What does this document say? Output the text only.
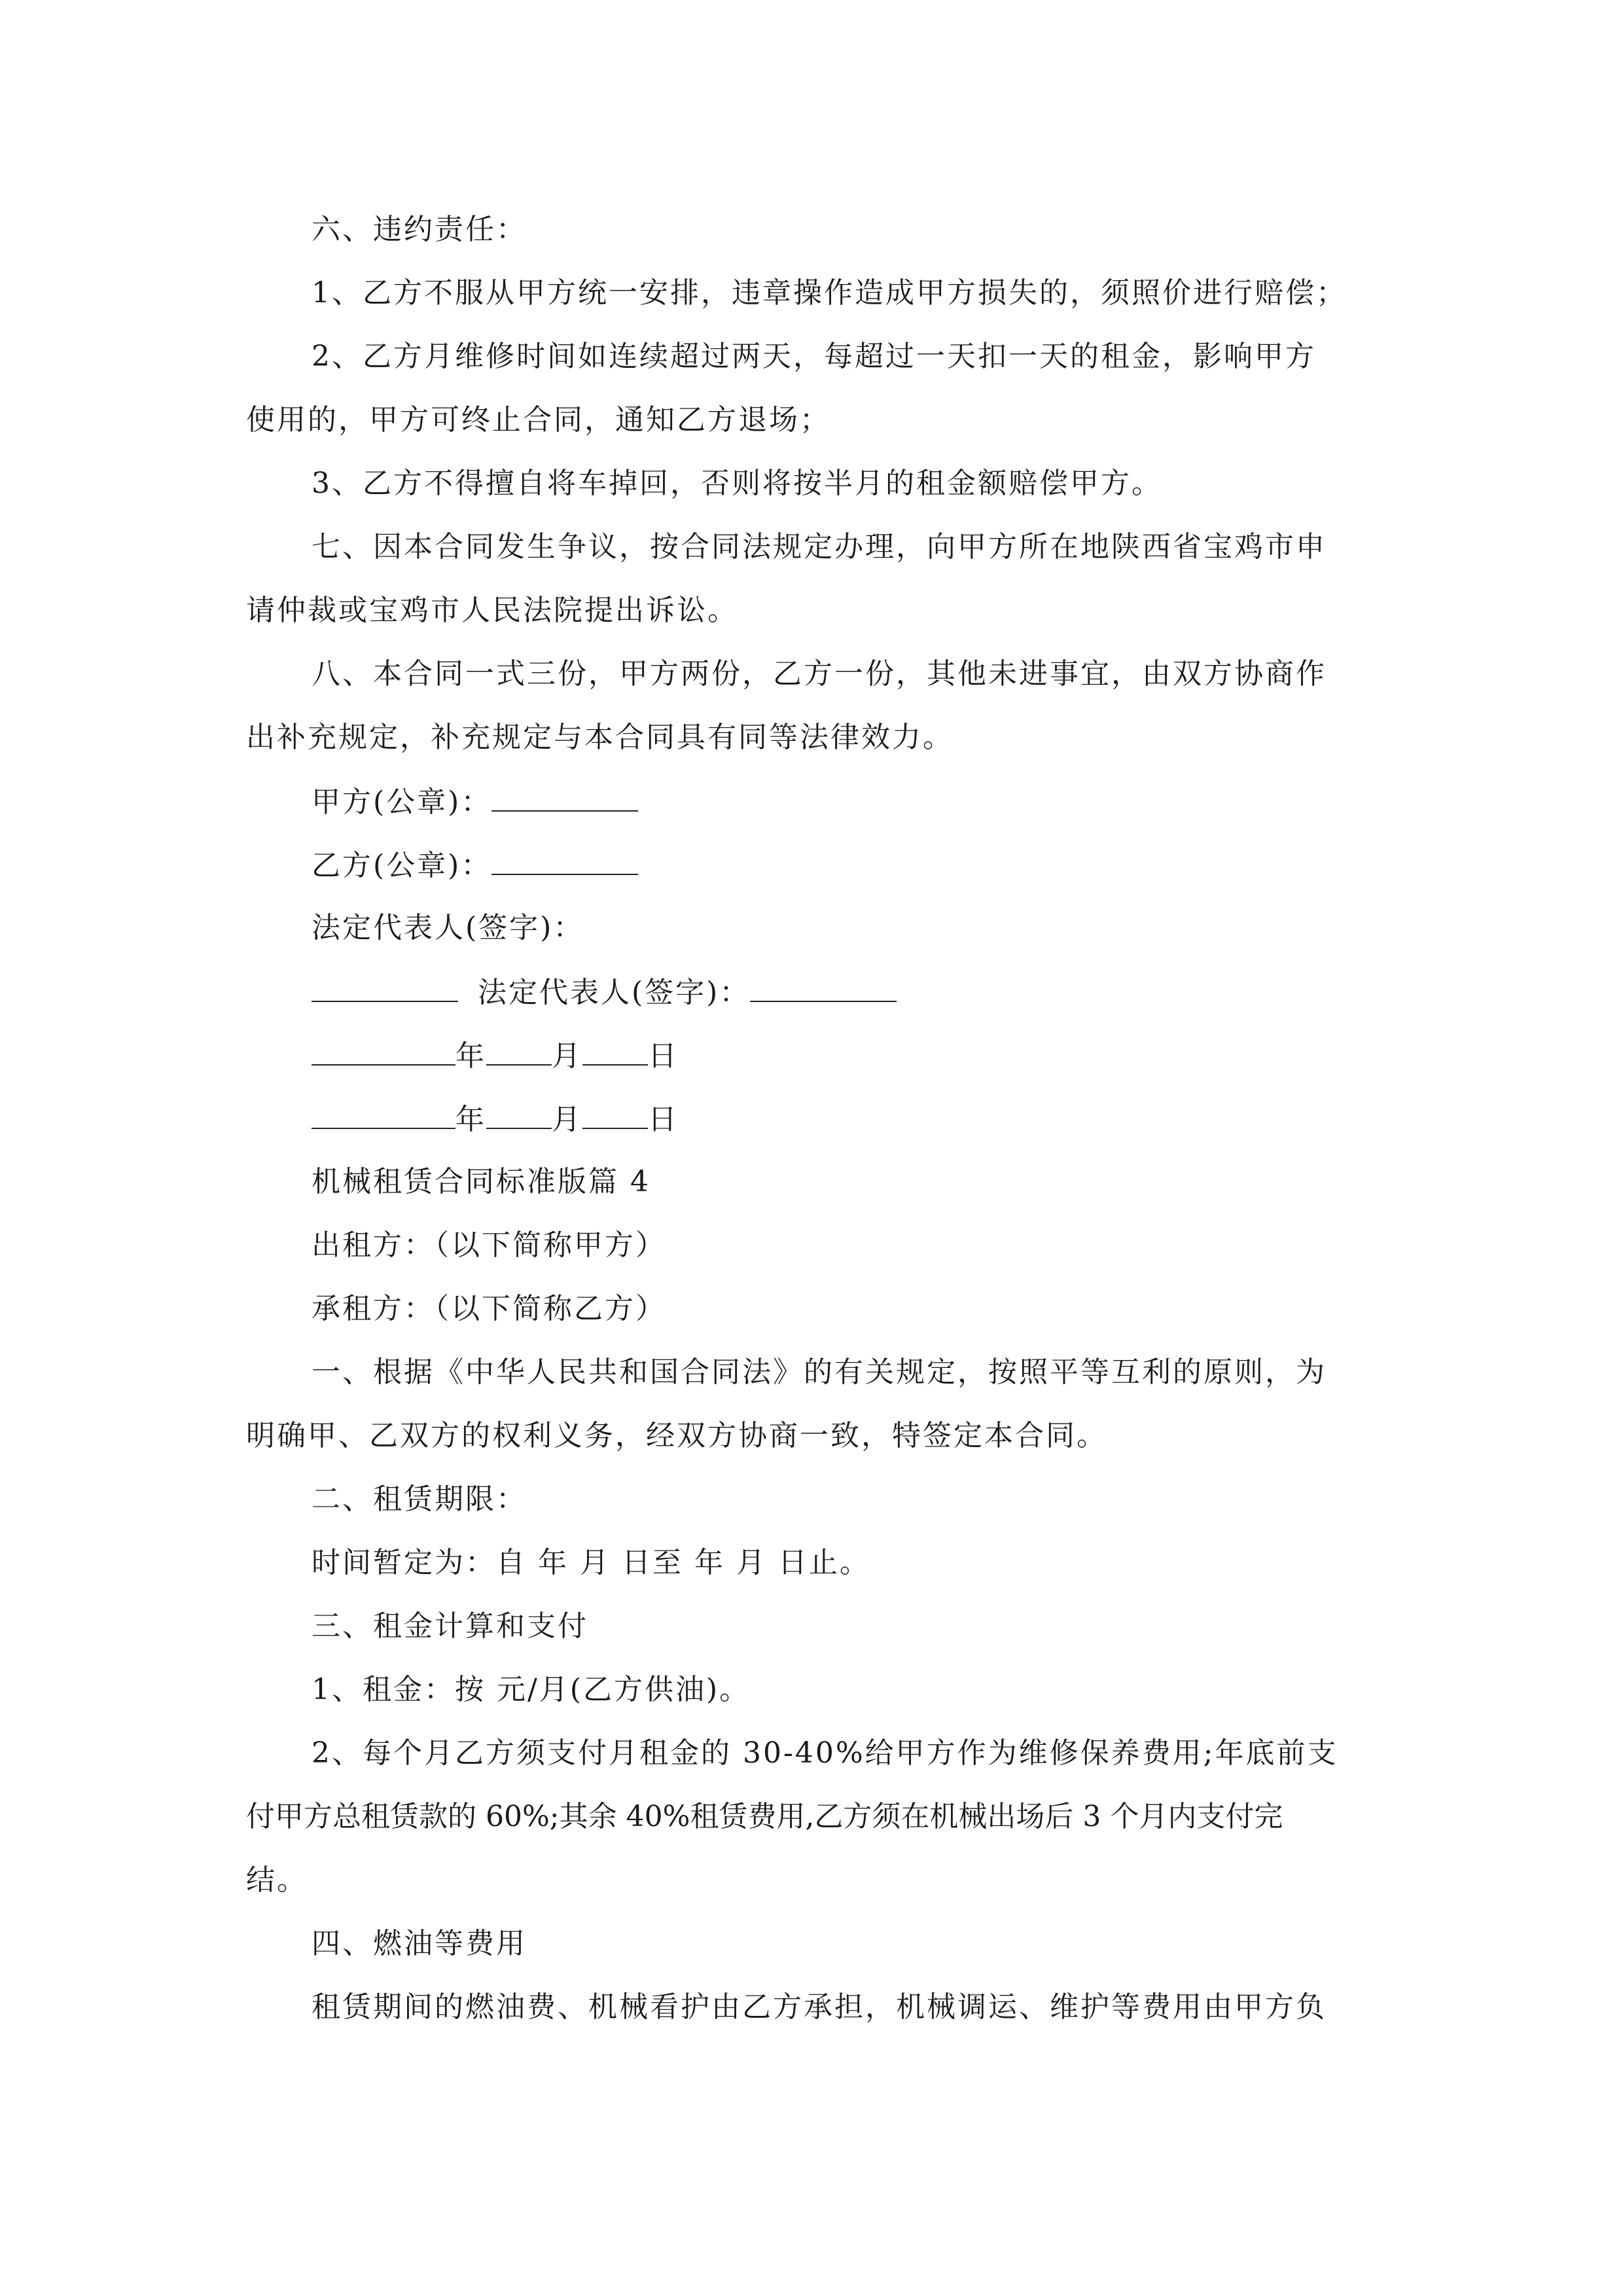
六、违约责任：
1、乙方不服从甲方统一安排，违章操作造成甲方损失的，须照价进行赔偿；
2、乙方月维修时间如连续超过两天，每超过一天扣一天的租金，影响甲方
使用的，甲方可终止合同，通知乙方退场；
3、乙方不得擅自将车掉回，否则将按半月的租金额赔偿甲方。
七、因本合同发生争议，按合同法规定办理，向甲方所在地陕西省宝鸡市申
请仲裁或宝鸡市人民法院提出诉讼。
八、本合同一式三份，甲方两份，乙方一份，其他未进事宜，由双方协商作
出补充规定，补充规定与本合同具有同等法律效力。
甲方(公章)：
乙方(公章)：
法定代表人(签字)：
法定代表人(签字)：
年 月 日
年 月 日
机械租赁合同标准版篇 4
出租方：（以下简称甲方）
承租方：（以下简称乙方）
一、根据《中华人民共和国合同法》的有关规定，按照平等互利的原则，为
明确甲、乙双方的权利义务，经双方协商一致，特签定本合同。
二、租赁期限：
时间暂定为：自 年 月 日至 年 月 日止。
三、租金计算和支付
1、租金：按 元/月(乙方供油)。
2、每个月乙方须支付月租金的 30-40%给甲方作为维修保养费用;年底前支
付甲方总租赁款的 60%;其余 40%租赁费用,乙方须在机械出场后 3 个月内支付完
结。
四、燃油等费用
租赁期间的燃油费、机械看护由乙方承担，机械调运、维护等费用由甲方负
